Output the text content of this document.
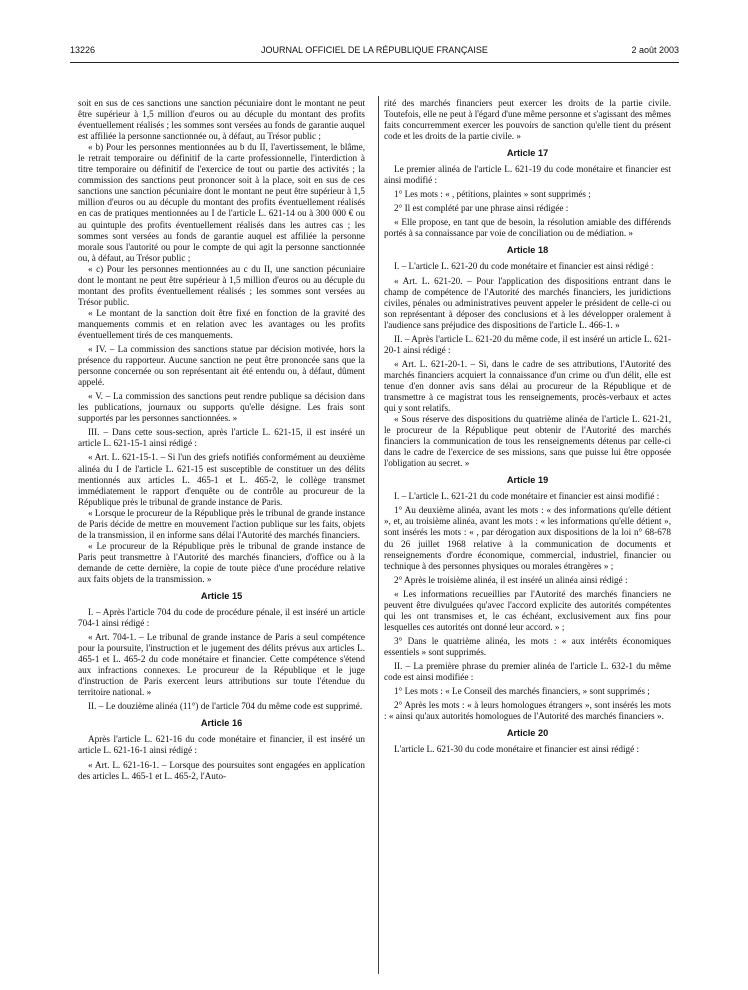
13226	JOURNAL OFFICIEL DE LA RÉPUBLIQUE FRANÇAISE	2 août 2003

soit en sus de ces sanctions une sanction pécuniaire dont le montant ne peut être supérieur à 1,5 million d'euros ou au décuple du montant des profits éventuellement réalisés ; les sommes sont versées au fonds de garantie auquel est affiliée la personne sanctionnée ou, à défaut, au Trésor public ;

« b) Pour les personnes mentionnées au b du II, l'avertissement, le blâme, le retrait temporaire ou définitif de la carte professionnelle, l'interdiction à titre temporaire ou définitif de l'exercice de tout ou partie des activités ; la commission des sanctions peut prononcer soit à la place, soit en sus de ces sanctions une sanction pécuniaire dont le montant ne peut être supérieur à 1,5 million d'euros ou au décuple du montant des profits éventuellement réalisés en cas de pratiques mentionnées au I de l'article L. 621-14 ou à 300 000 € ou au quintuple des profits éventuellement réalisés dans les autres cas ; les sommes sont versées au fonds de garantie auquel est affiliée la personne morale sous l'autorité ou pour le compte de qui agit la personne sanctionnée ou, à défaut, au Trésor public ;

« c) Pour les personnes mentionnées au c du II, une sanction pécuniaire dont le montant ne peut être supérieur à 1,5 million d'euros ou au décuple du montant des profits éventuellement réalisés ; les sommes sont versées au Trésor public.

« Le montant de la sanction doit être fixé en fonction de la gravité des manquements commis et en relation avec les avantages ou les profits éventuellement tirés de ces manquements.

« IV. – La commission des sanctions statue par décision motivée, hors la présence du rapporteur. Aucune sanction ne peut être prononcée sans que la personne concernée ou son représentant ait été entendu ou, à défaut, dûment appelé.

« V. – La commission des sanctions peut rendre publique sa décision dans les publications, journaux ou supports qu'elle désigne. Les frais sont supportés par les personnes sanctionnées. »

III. – Dans cette sous-section, après l'article L. 621-15, il est inséré un article L. 621-15-1 ainsi rédigé :

« Art. L. 621-15-1. – Si l'un des griefs notifiés conformément au deuxième alinéa du I de l'article L. 621-15 est susceptible de constituer un des délits mentionnés aux articles L. 465-1 et L. 465-2, le collège transmet immédiatement le rapport d'enquête ou de contrôle au procureur de la République près le tribunal de grande instance de Paris.

« Lorsque le procureur de la République près le tribunal de grande instance de Paris décide de mettre en mouvement l'action publique sur les faits, objets de la transmission, il en informe sans délai l'Autorité des marchés financiers.

« Le procureur de la République près le tribunal de grande instance de Paris peut transmettre à l'Autorité des marchés financiers, d'office ou à la demande de cette dernière, la copie de toute pièce d'une procédure relative aux faits objets de la transmission. »

Article 15

I. – Après l'article 704 du code de procédure pénale, il est inséré un article 704-1 ainsi rédigé :

« Art. 704-1. – Le tribunal de grande instance de Paris a seul compétence pour la poursuite, l'instruction et le jugement des délits prévus aux articles L. 465-1 et L. 465-2 du code monétaire et financier. Cette compétence s'étend aux infractions connexes. Le procureur de la République et le juge d'instruction de Paris exercent leurs attributions sur toute l'étendue du territoire national. »

II. – Le douzième alinéa (11°) de l'article 704 du même code est supprimé.

Article 16

Après l'article L. 621-16 du code monétaire et financier, il est inséré un article L. 621-16-1 ainsi rédigé :

« Art. L. 621-16-1. – Lorsque des poursuites sont engagées en application des articles L. 465-1 et L. 465-2, l'Auto-

rité des marchés financiers peut exercer les droits de la partie civile. Toutefois, elle ne peut à l'égard d'une même personne et s'agissant des mêmes faits concurremment exercer les pouvoirs de sanction qu'elle tient du présent code et les droits de la partie civile. »

Article 17

Le premier alinéa de l'article L. 621-19 du code monétaire et financier est ainsi modifié :

1° Les mots : « , pétitions, plaintes » sont supprimés ;

2° Il est complété par une phrase ainsi rédigée :

« Elle propose, en tant que de besoin, la résolution amiable des différends portés à sa connaissance par voie de conciliation ou de médiation. »

Article 18

I. – L'article L. 621-20 du code monétaire et financier est ainsi rédigé :

« Art. L. 621-20. – Pour l'application des dispositions entrant dans le champ de compétence de l'Autorité des marchés financiers, les juridictions civiles, pénales ou administratives peuvent appeler le président de celle-ci ou son représentant à déposer des conclusions et à les développer oralement à l'audience sans préjudice des dispositions de l'article L. 466-1. »

II. – Après l'article L. 621-20 du même code, il est inséré un article L. 621-20-1 ainsi rédigé :

« Art. L. 621-20-1. – Si, dans le cadre de ses attributions, l'Autorité des marchés financiers acquiert la connaissance d'un crime ou d'un délit, elle est tenue d'en donner avis sans délai au procureur de la République et de transmettre à ce magistrat tous les renseignements, procès-verbaux et actes qui y sont relatifs.

« Sous réserve des dispositions du quatrième alinéa de l'article L. 621-21, le procureur de la République peut obtenir de l'Autorité des marchés financiers la communication de tous les renseignements détenus par celle-ci dans le cadre de l'exercice de ses missions, sans que puisse lui être opposée l'obligation au secret. »

Article 19

I. – L'article L. 621-21 du code monétaire et financier est ainsi modifié :

1° Au deuxième alinéa, avant les mots : « des informations qu'elle détient », et, au troisième alinéa, avant les mots : « les informations qu'elle détient », sont insérés les mots : « , par dérogation aux dispositions de la loi n° 68-678 du 26 juillet 1968 relative à la communication de documents et renseignements d'ordre économique, commercial, industriel, financier ou technique à des personnes physiques ou morales étrangères » ;

2° Après le troisième alinéa, il est inséré un alinéa ainsi rédigé :

« Les informations recueillies par l'Autorité des marchés financiers ne peuvent être divulguées qu'avec l'accord explicite des autorités compétentes qui les ont transmises et, le cas échéant, exclusivement aux fins pour lesquelles ces autorités ont donné leur accord. » ;

3° Dans le quatrième alinéa, les mots : « aux intérêts économiques essentiels » sont supprimés.

II. – La première phrase du premier alinéa de l'article L. 632-1 du même code est ainsi modifiée :

1° Les mots : « Le Conseil des marchés financiers, » sont supprimés ;

2° Après les mots : « à leurs homologues étrangers », sont insérés les mots : « ainsi qu'aux autorités homologues de l'Autorité des marchés financiers ».

Article 20

L'article L. 621-30 du code monétaire et financier est ainsi rédigé :
